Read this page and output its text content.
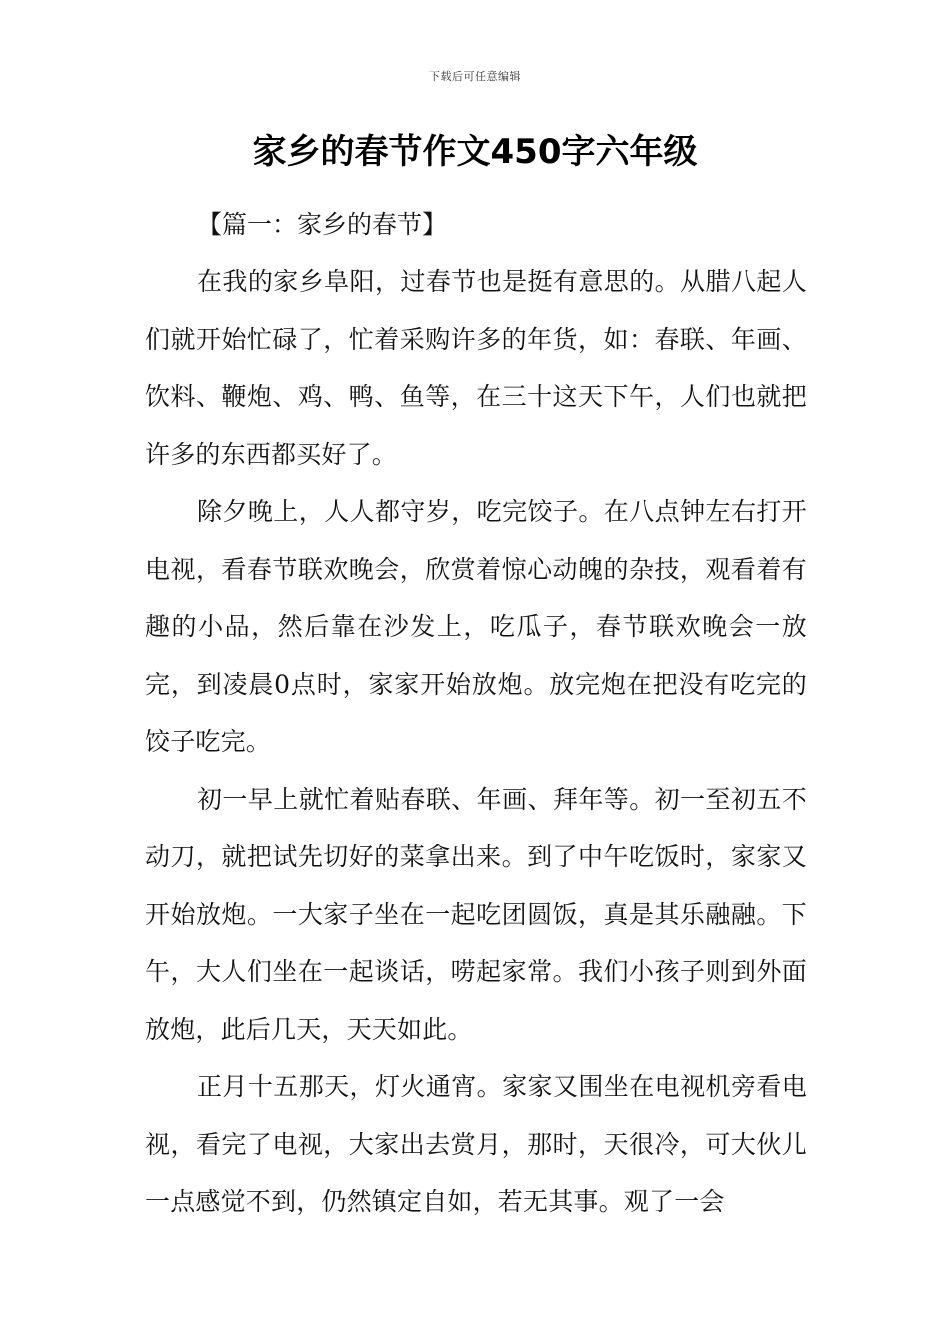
下载后可任意编辑
家乡的春节作文450字六年级

【篇一：家乡的春节】

在我的家乡阜阳，过春节也是挺有意思的。从腊八起人们就开始忙碌了，忙着采购许多的年货，如：春联、年画、饮料、鞭炮、鸡、鸭、鱼等，在三十这天下午，人们也就把许多的东西都买好了。

除夕晚上，人人都守岁，吃完饺子。在八点钟左右打开电视，看春节联欢晚会，欣赏着惊心动魄的杂技，观看着有趣的小品，然后靠在沙发上，吃瓜子，春节联欢晚会一放完，到凌晨0点时，家家开始放炮。放完炮在把没有吃完的饺子吃完。

初一早上就忙着贴春联、年画、拜年等。初一至初五不动刀，就把试先切好的菜拿出来。到了中午吃饭时，家家又开始放炮。一大家子坐在一起吃团圆饭，真是其乐融融。下午，大人们坐在一起谈话，唠起家常。我们小孩子则到外面放炮，此后几天，天天如此。

正月十五那天，灯火通宵。家家又围坐在电视机旁看电视，看完了电视，大家出去赏月，那时，天很冷，可大伙儿一点感觉不到，仍然镇定自如，若无其事。观了一会
